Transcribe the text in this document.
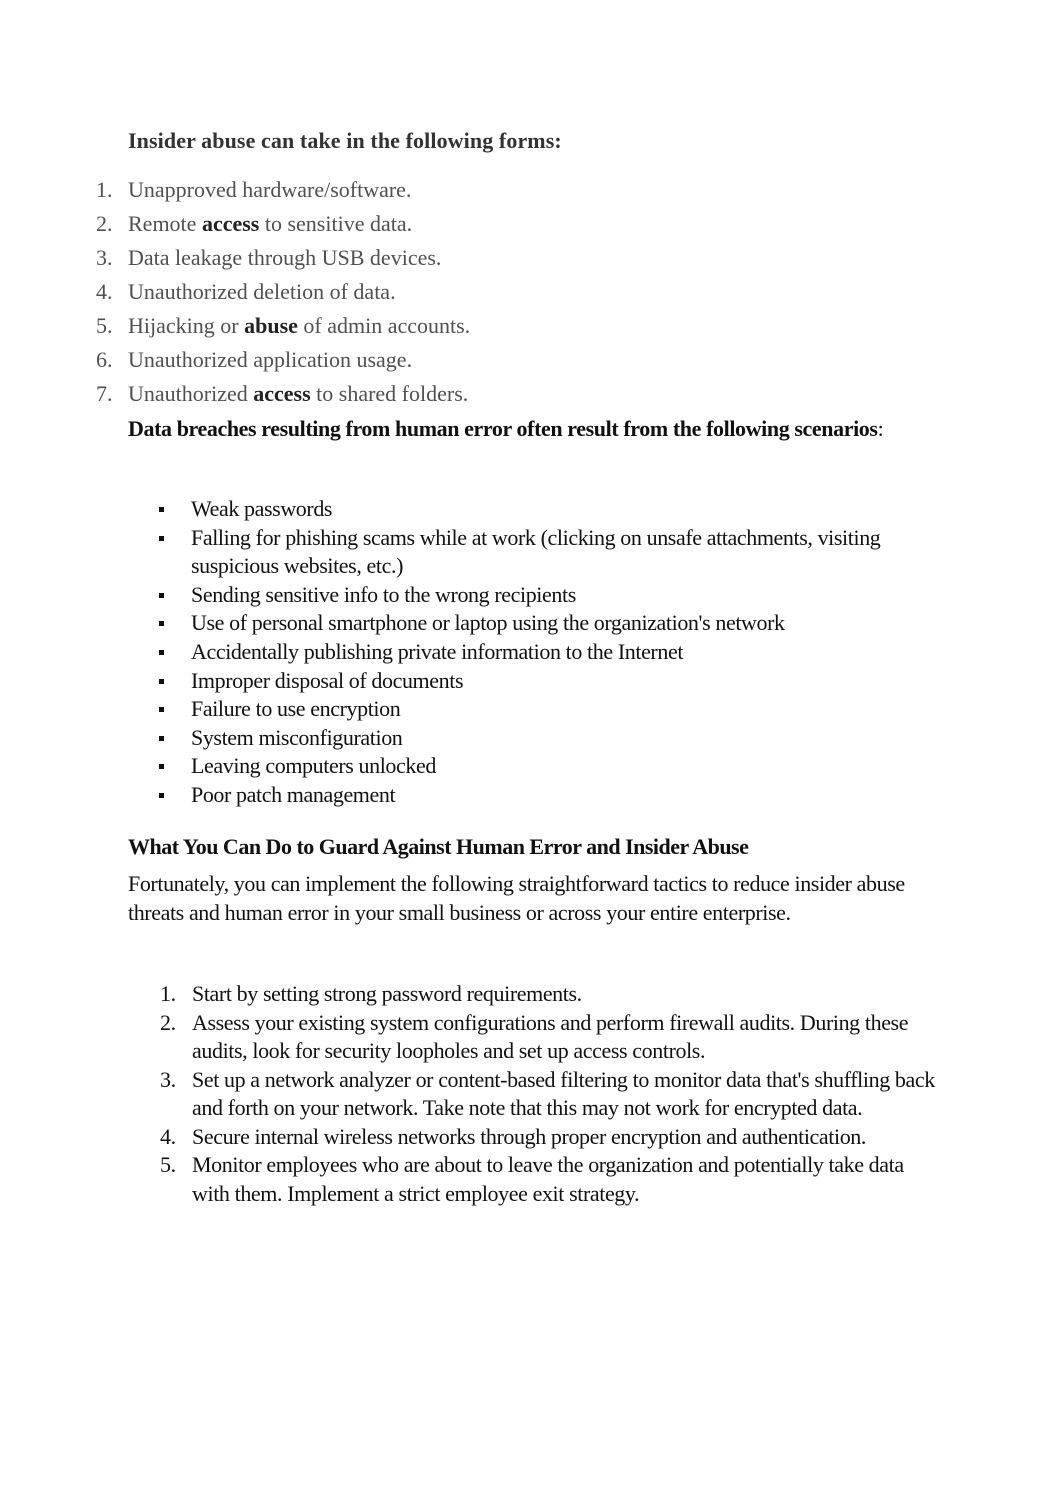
Insider abuse can take in the following forms:
1. Unapproved hardware/software.
2. Remote access to sensitive data.
3. Data leakage through USB devices.
4. Unauthorized deletion of data.
5. Hijacking or abuse of admin accounts.
6. Unauthorized application usage.
7. Unauthorized access to shared folders.
Data breaches resulting from human error often result from the following scenarios:
Weak passwords
Falling for phishing scams while at work (clicking on unsafe attachments, visiting suspicious websites, etc.)
Sending sensitive info to the wrong recipients
Use of personal smartphone or laptop using the organization's network
Accidentally publishing private information to the Internet
Improper disposal of documents
Failure to use encryption
System misconfiguration
Leaving computers unlocked
Poor patch management
What You Can Do to Guard Against Human Error and Insider Abuse

Fortunately, you can implement the following straightforward tactics to reduce insider abuse threats and human error in your small business or across your entire enterprise.

1. Start by setting strong password requirements.
2. Assess your existing system configurations and perform firewall audits. During these audits, look for security loopholes and set up access controls.
3. Set up a network analyzer or content-based filtering to monitor data that's shuffling back and forth on your network. Take note that this may not work for encrypted data.
4. Secure internal wireless networks through proper encryption and authentication.
5. Monitor employees who are about to leave the organization and potentially take data with them. Implement a strict employee exit strategy.
